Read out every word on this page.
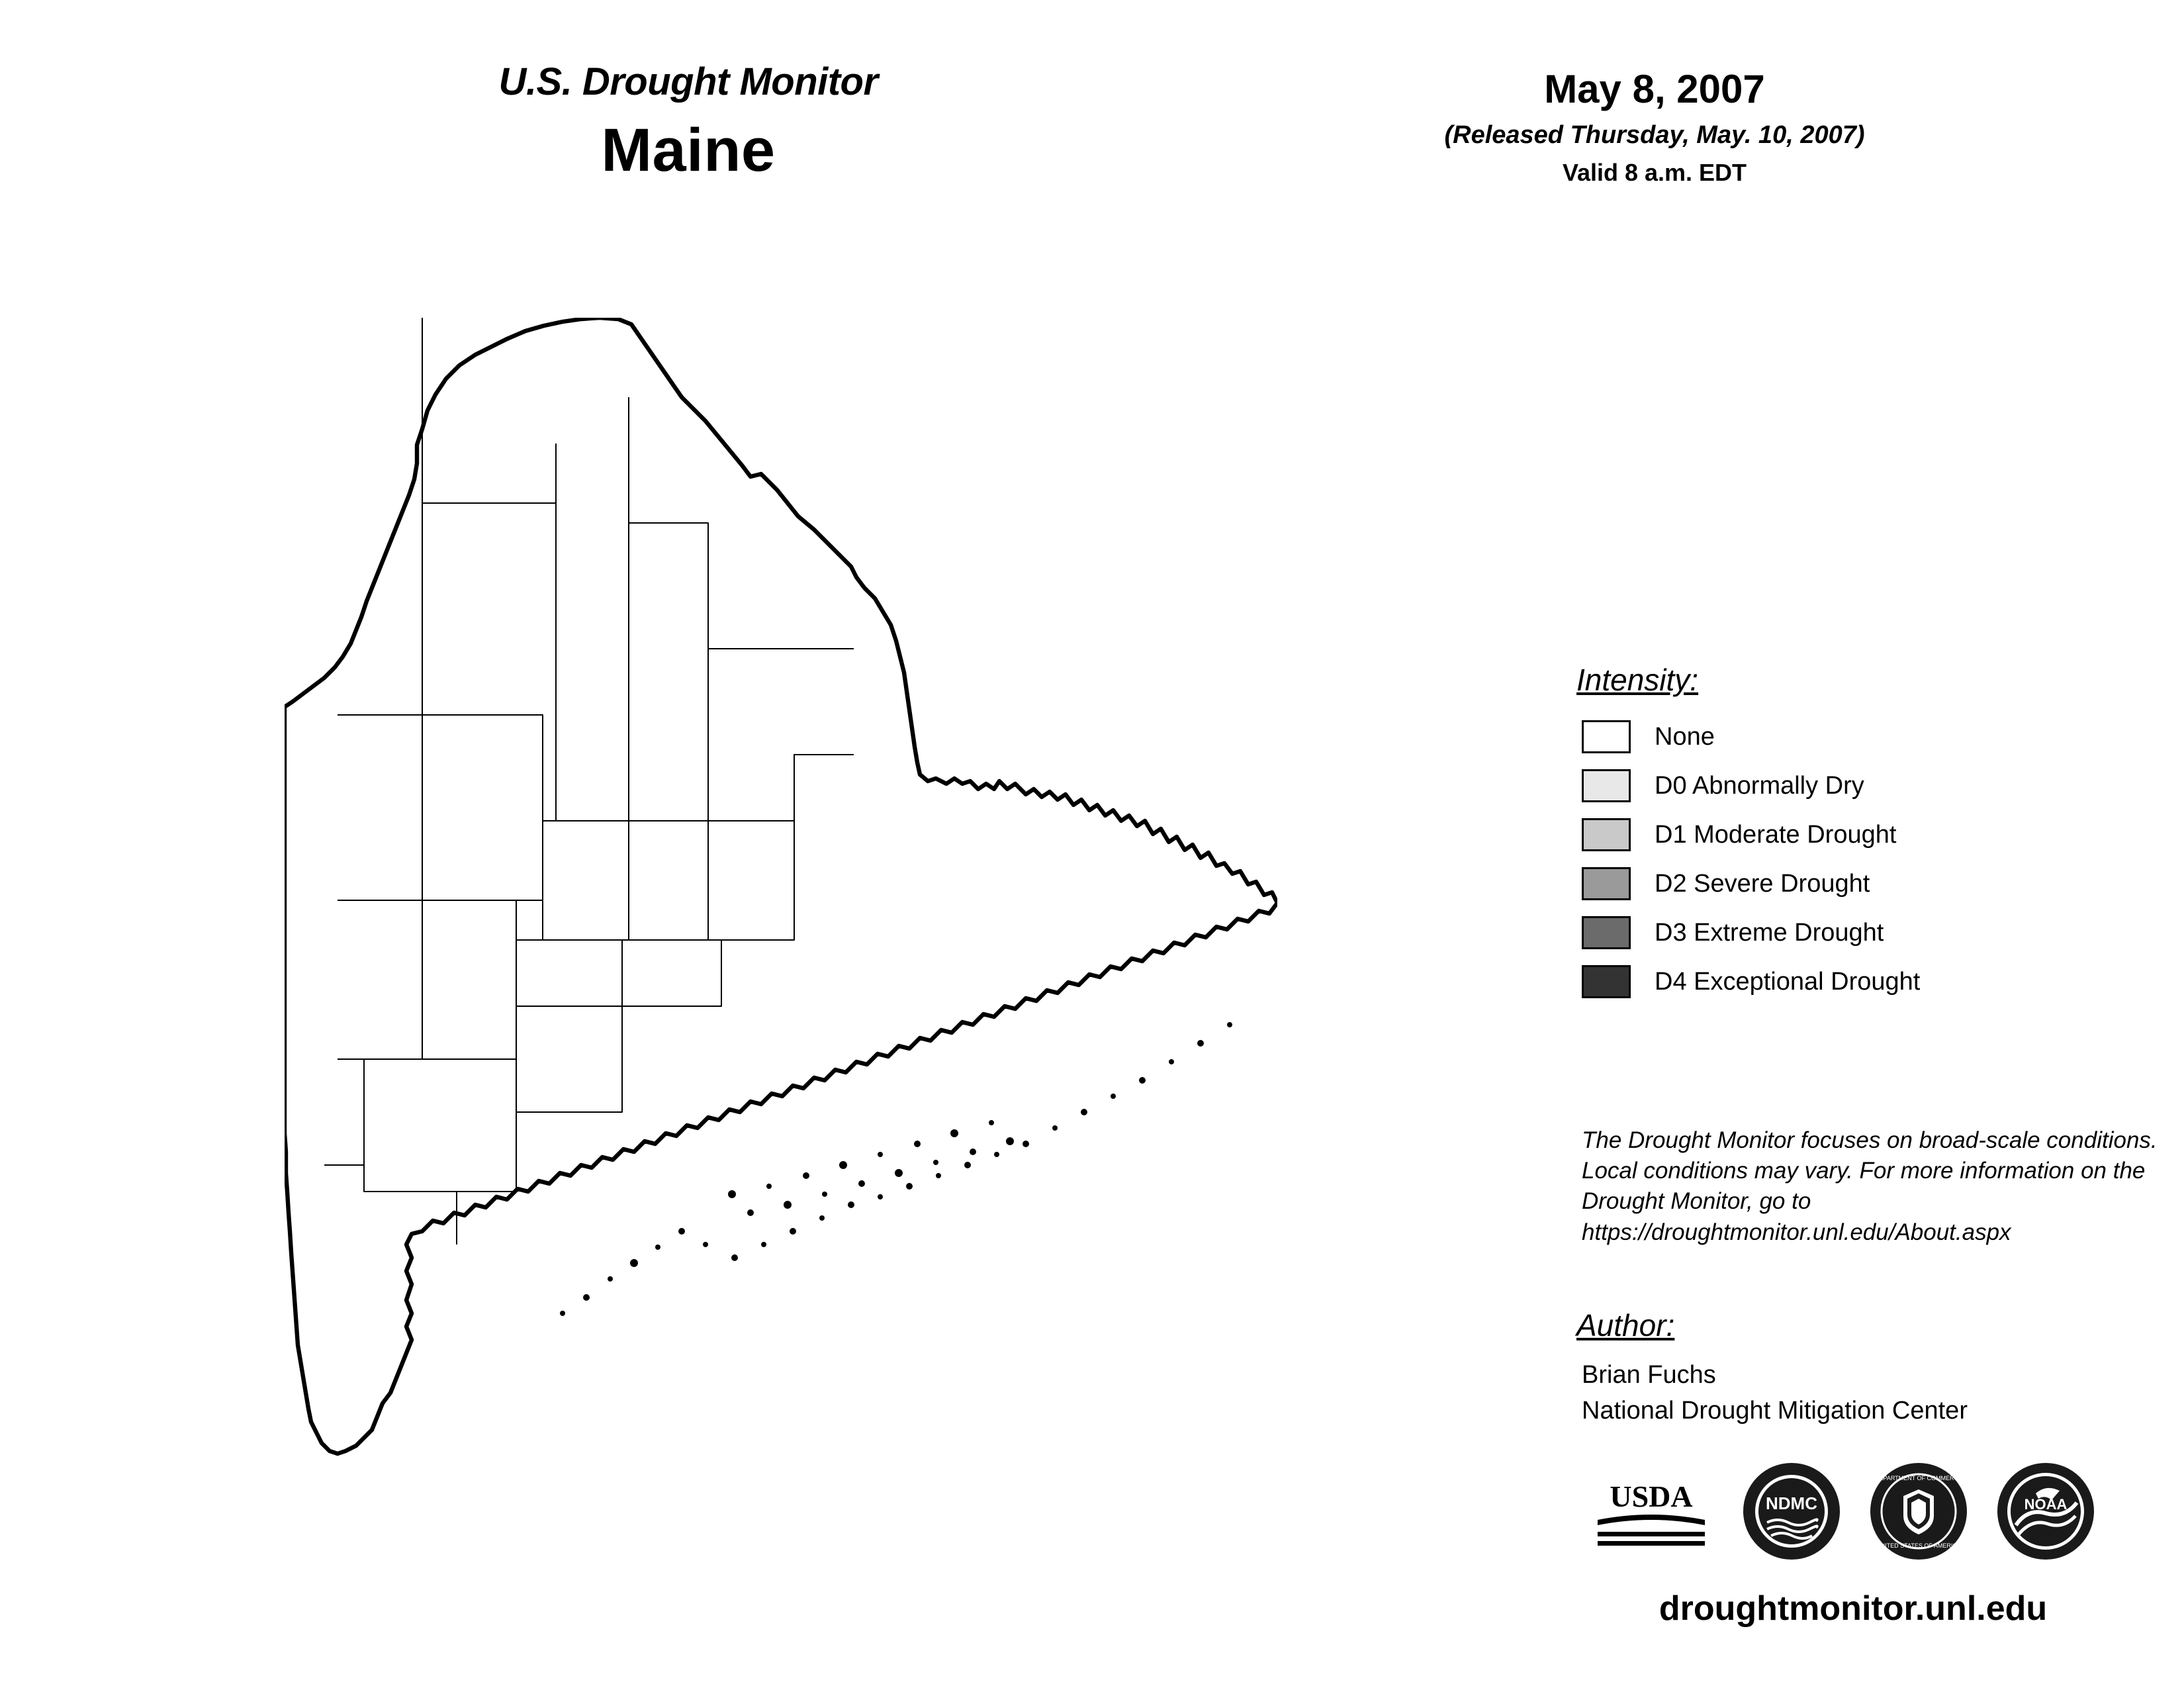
U.S. Drought Monitor
Maine
May 8, 2007
(Released Thursday, May. 10, 2007)
Valid 8 a.m. EDT
Intensity:
None
D0 Abnormally Dry
D1 Moderate Drought
D2 Severe Drought
D3 Extreme Drought
D4 Exceptional Drought
The Drought Monitor focuses on broad-scale conditions. Local conditions may vary. For more information on the Drought Monitor, go to https://droughtmonitor.unl.edu/About.aspx
Author:
Brian Fuchs
National Drought Mitigation Center
USDA	NDMC
DEPARTMENT OF COMMERCE
UNITED STATES OF AMERICA
NOAA
droughtmonitor.unl.edu
